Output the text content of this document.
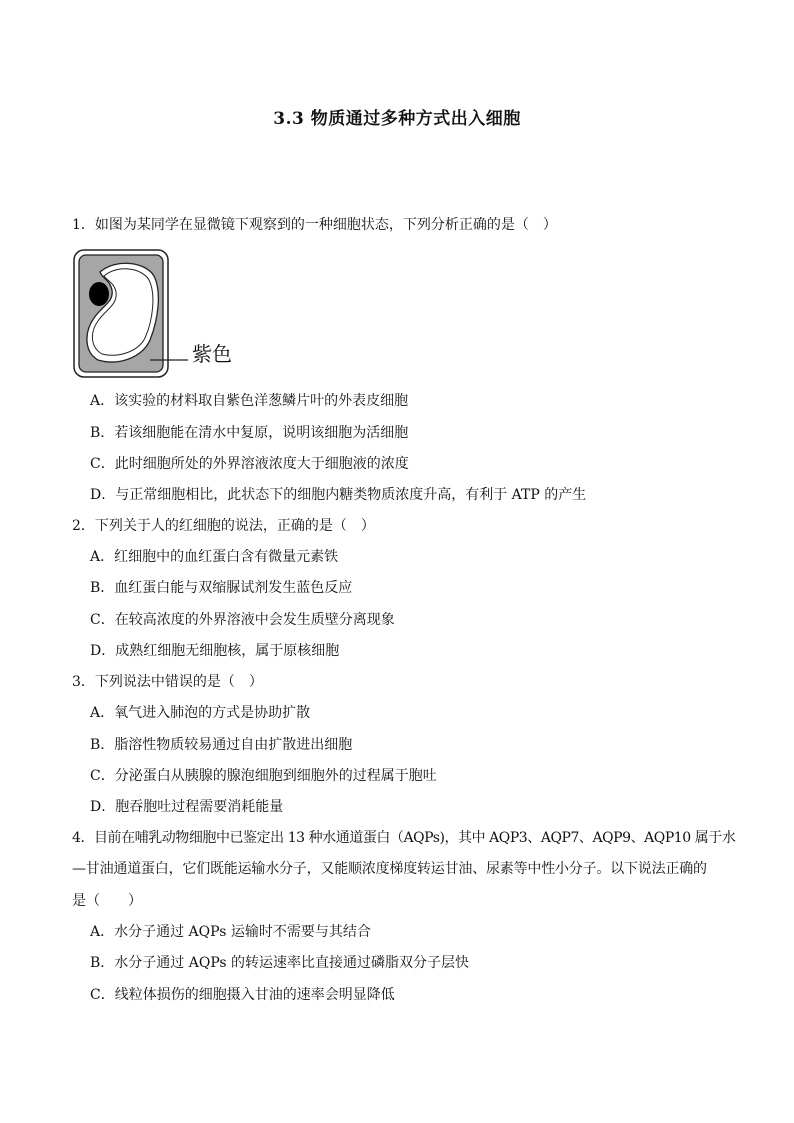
3.3 物质通过多种方式出入细胞
1．如图为某同学在显微镜下观察到的一种细胞状态，下列分析正确的是（　）
紫色
A．该实验的材料取自紫色洋葱鳞片叶的外表皮细胞
B．若该细胞能在清水中复原，说明该细胞为活细胞
C．此时细胞所处的外界溶液浓度大于细胞液的浓度
D．与正常细胞相比，此状态下的细胞内糖类物质浓度升高，有利于 ATP 的产生
2．下列关于人的红细胞的说法，正确的是（　）
A．红细胞中的血红蛋白含有微量元素铁
B．血红蛋白能与双缩脲试剂发生蓝色反应
C．在较高浓度的外界溶液中会发生质壁分离现象
D．成熟红细胞无细胞核，属于原核细胞
3．下列说法中错误的是（　）
A．氧气进入肺泡的方式是协助扩散
B．脂溶性物质较易通过自由扩散进出细胞
C．分泌蛋白从胰腺的腺泡细胞到细胞外的过程属于胞吐
D．胞吞胞吐过程需要消耗能量
4．目前在哺乳动物细胞中已鉴定出 13 种水通道蛋白（AQPs)，其中 AQP3、AQP7、AQP9、AQP10 属于水
—甘油通道蛋白，它们既能运输水分子，又能顺浓度梯度转运甘油、尿素等中性小分子。以下说法正确的
是（　　）
A．水分子通过 AQPs 运输时不需要与其结合
B．水分子通过 AQPs 的转运速率比直接通过磷脂双分子层快
C．线粒体损伤的细胞摄入甘油的速率会明显降低
